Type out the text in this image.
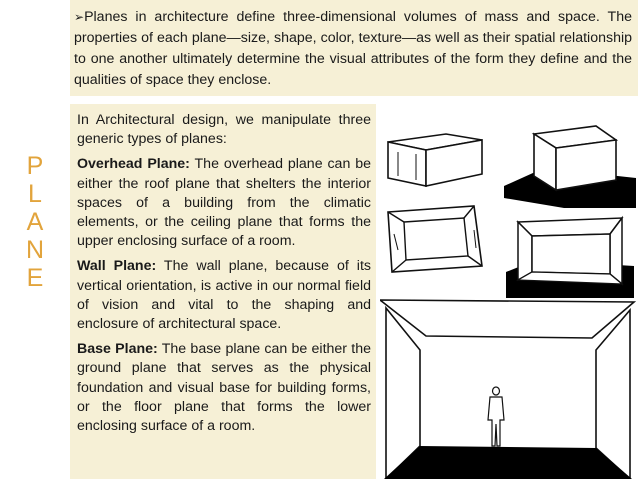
➢Planes in architecture define three-dimensional volumes of mass and space. The properties of each plane—size, shape, color, texture—as well as their spatial relationship to one another ultimately determine the visual attributes of the form they define and the qualities of space they enclose.

P
L
A
N
E

In Architectural design, we manipulate three generic types of planes:

Overhead Plane: The overhead plane can be either the roof plane that shelters the interior spaces of a building from the climatic elements, or the ceiling plane that forms the upper enclosing surface of a room.

Wall Plane: The wall plane, because of its vertical orientation, is active in our normal field of vision and vital to the shaping and enclosure of architectural space.

Base Plane: The base plane can be either the ground plane that serves as the physical foundation and visual base for building forms, or the floor plane that forms the lower enclosing surface of a room.
